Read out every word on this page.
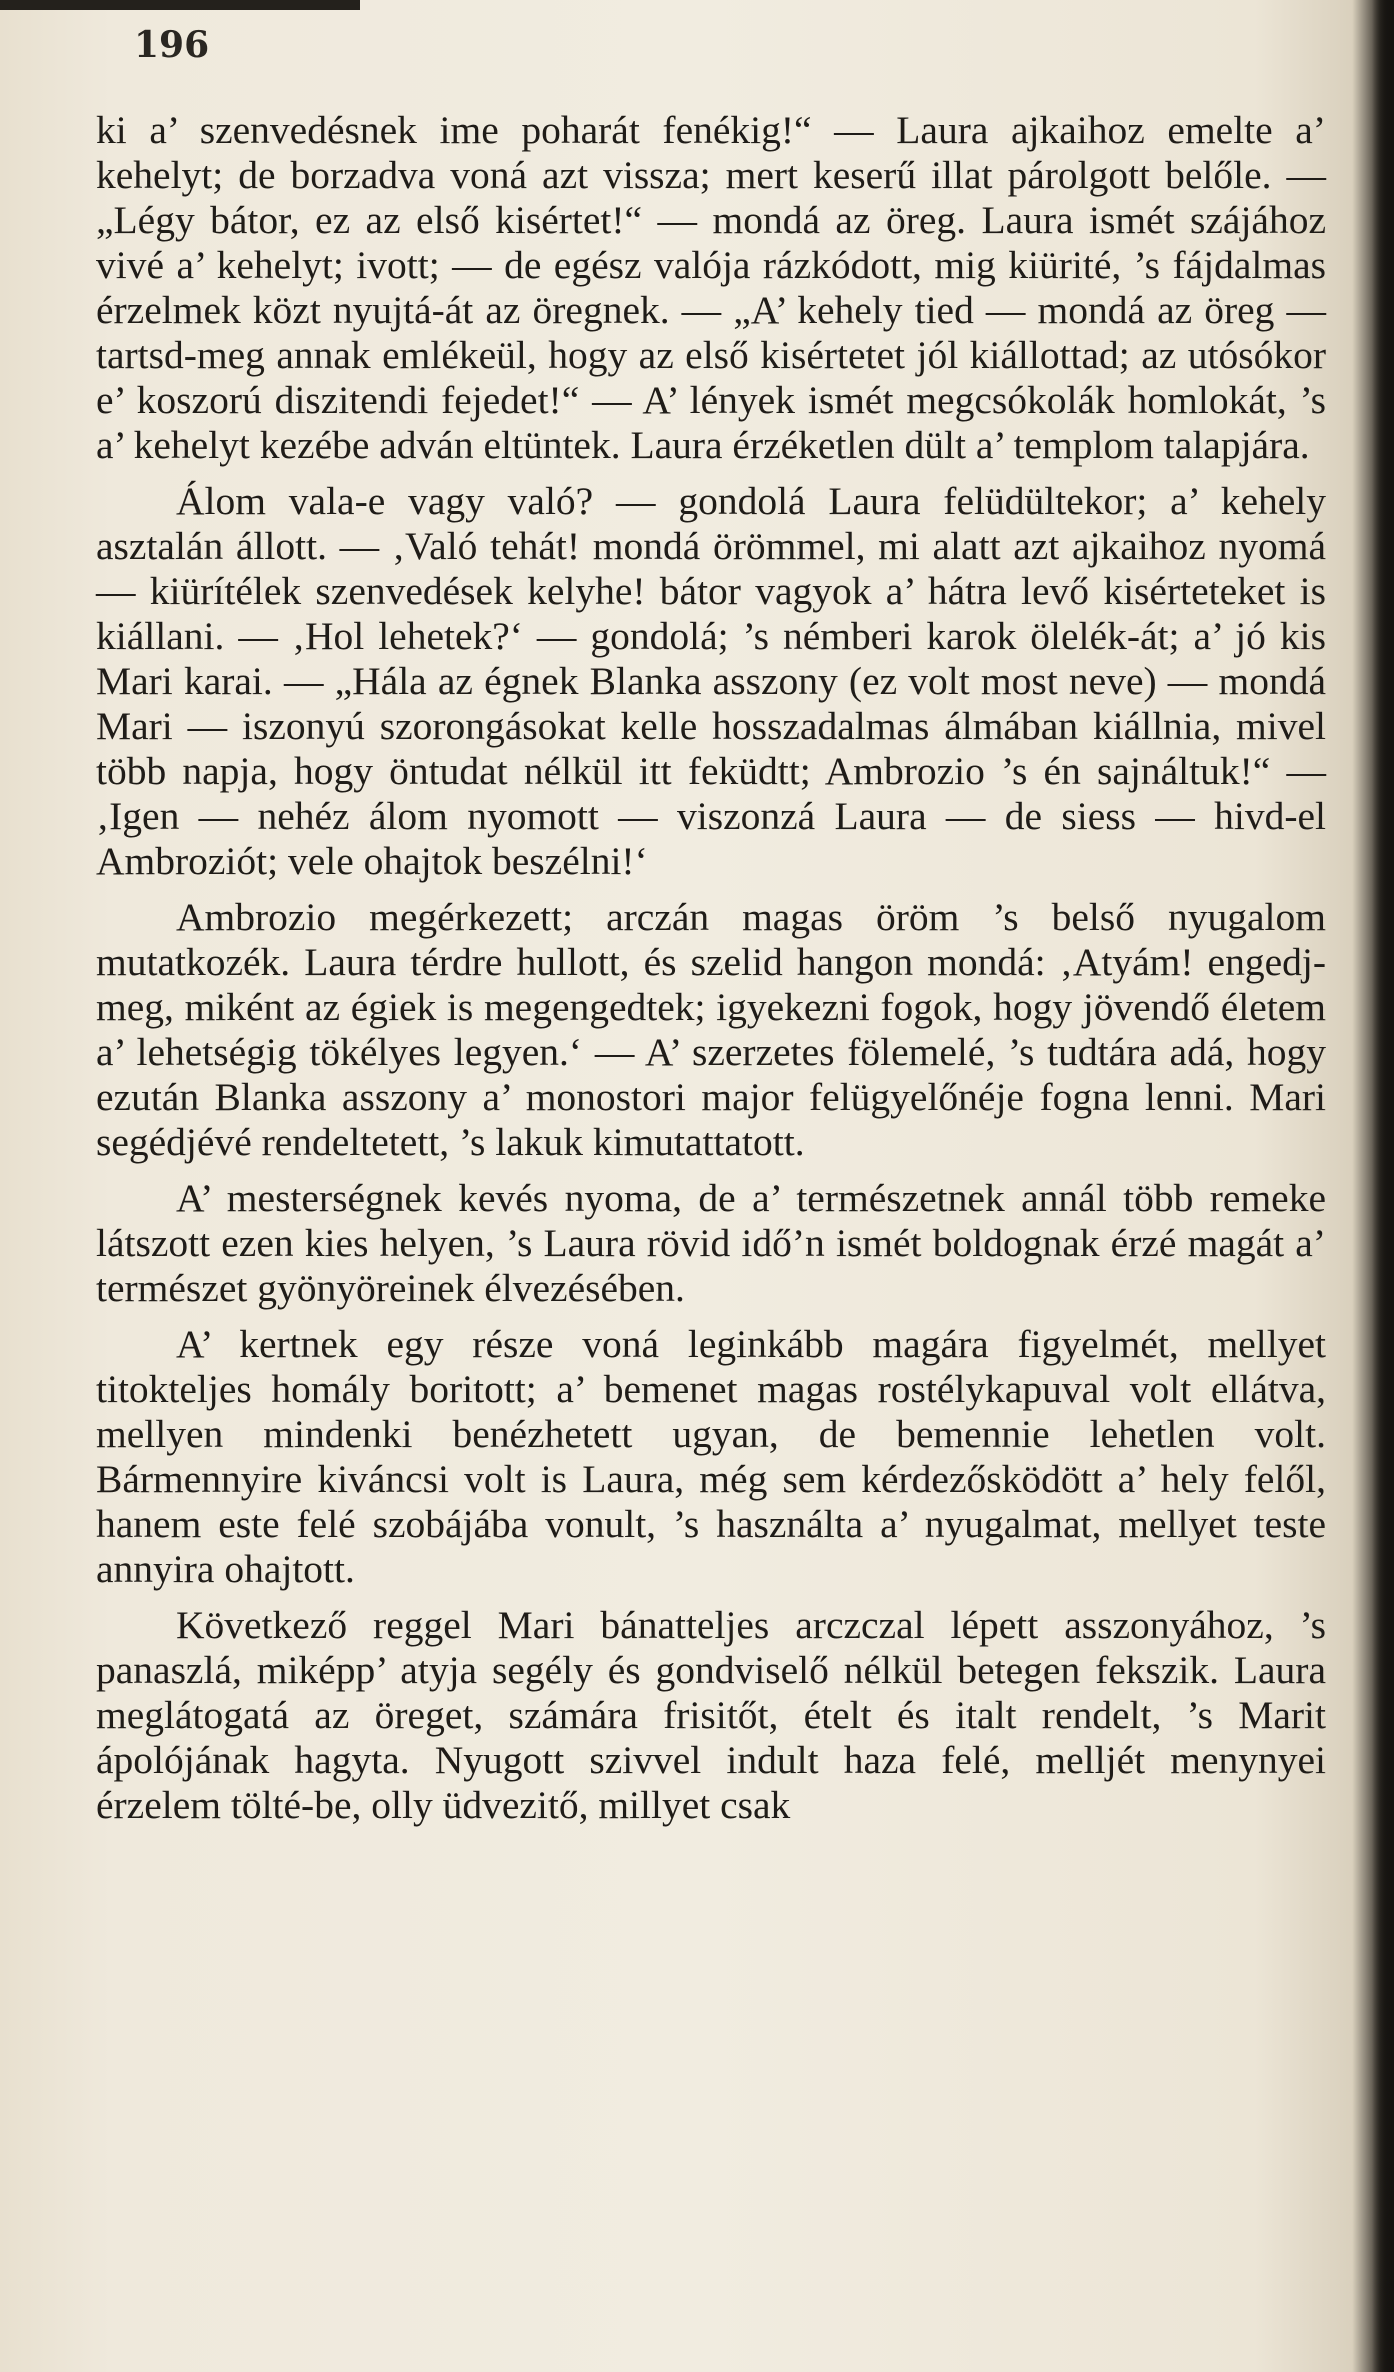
196

ki a’ szenvedésnek ime poharát fenékig!“ — Laura ajkaihoz emelte a’ kehelyt; de borzadva voná azt vissza; mert keserű illat párolgott belőle. — „Légy bátor, ez az első kisértet!“ — mondá az öreg. Laura ismét szájához vivé a’ kehelyt; ivott; — de egész valója rázkódott, mig kiürité, ’s fájdalmas érzelmek közt nyujtá-át az öregnek. — „A’ kehely tied — mondá az öreg — tartsd-meg annak emlékeül, hogy az első kisértetet jól kiállottad; az utósókor e’ koszorú diszitendi fejedet!“ — A’ lények ismét megcsókolák homlokát, ’s a’ kehelyt kezébe adván eltüntek. Laura érzéketlen dült a’ templom talapjára.

Álom vala-e vagy való? — gondolá Laura felüdültekor; a’ kehely asztalán állott. — ‚Való tehát! mondá örömmel, mi alatt azt ajkaihoz nyomá — kiürítélek szenvedések kelyhe! bátor vagyok a’ hátra levő kisérteteket is kiállani. — ‚Hol lehetek?‘ — gondolá; ’s némberi karok ölelék-át; a’ jó kis Mari karai. — „Hála az égnek Blanka asszony (ez volt most neve) — mondá Mari — iszonyú szorongásokat kelle hosszadalmas álmában kiállnia, mivel több napja, hogy öntudat nélkül itt feküdtt; Ambrozio ’s én sajnáltuk!“ — ‚Igen — nehéz álom nyomott — viszonzá Laura — de siess — hivd-el Ambroziót; vele ohajtok beszélni!‘

Ambrozio megérkezett; arczán magas öröm ’s belső nyugalom mutatkozék. Laura térdre hullott, és szelid hangon mondá: ‚Atyám! engedj-meg, miként az égiek is megengedtek; igyekezni fogok, hogy jövendő életem a’ lehetségig tökélyes legyen.‘ — A’ szerzetes fölemelé, ’s tudtára adá, hogy ezután Blanka asszony a’ monostori major felügyelőnéje fogna lenni. Mari segédjévé rendeltetett, ’s lakuk kimutattatott.

A’ mesterségnek kevés nyoma, de a’ természetnek annál több remeke látszott ezen kies helyen, ’s Laura rövid idő’n ismét boldognak érzé magát a’ természet gyönyöreinek élvezésében.

A’ kertnek egy része voná leginkább magára figyelmét, mellyet titokteljes homály boritott; a’ bemenet magas rostélykapuval volt ellátva, mellyen mindenki benézhetett ugyan, de bemennie lehetlen volt. Bármennyire kiváncsi volt is Laura, még sem kérdezősködött a’ hely felől, hanem este felé szobájába vonult, ’s használta a’ nyugalmat, mellyet teste annyira ohajtott.

Következő reggel Mari bánatteljes arczczal lépett asszonyához, ’s panaszlá, miképp’ atyja segély és gondviselő nélkül betegen fekszik. Laura meglátogatá az öreget, számára frisitőt, ételt és italt rendelt, ’s Marit ápolójának hagyta. Nyugott szivvel indult haza felé, melljét menynyei érzelem tölté-be, olly üdvezitő, millyet csak
